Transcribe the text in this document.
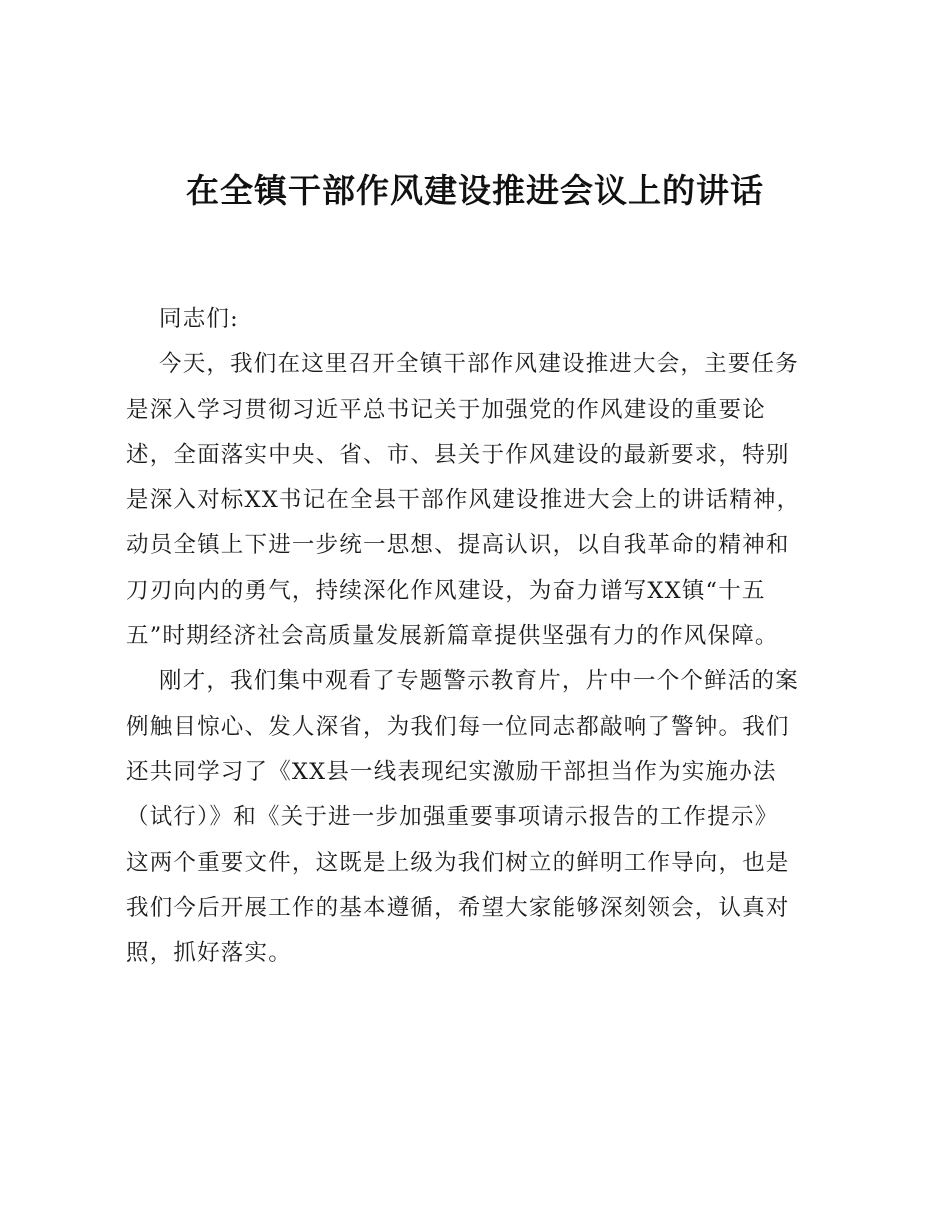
在全镇干部作风建设推进会议上的讲话
同志们:
今天，我们在这里召开全镇干部作风建设推进大会，主要任务
是深入学习贯彻习近平总书记关于加强党的作风建设的重要论
述，全面落实中央、省、市、县关于作风建设的最新要求，特别
是深入对标XX书记在全县干部作风建设推进大会上的讲话精神，
动员全镇上下进一步统一思想、提高认识，以自我革命的精神和
刀刃向内的勇气，持续深化作风建设，为奋力谱写XX镇“十五
五”时期经济社会高质量发展新篇章提供坚强有力的作风保障。
刚才，我们集中观看了专题警示教育片，片中一个个鲜活的案
例触目惊心、发人深省，为我们每一位同志都敲响了警钟。我们
还共同学习了《XX县一线表现纪实激励干部担当作为实施办法
（试行）》和《关于进一步加强重要事项请示报告的工作提示》
这两个重要文件，这既是上级为我们树立的鲜明工作导向，也是
我们今后开展工作的基本遵循，希望大家能够深刻领会，认真对
照，抓好落实。
